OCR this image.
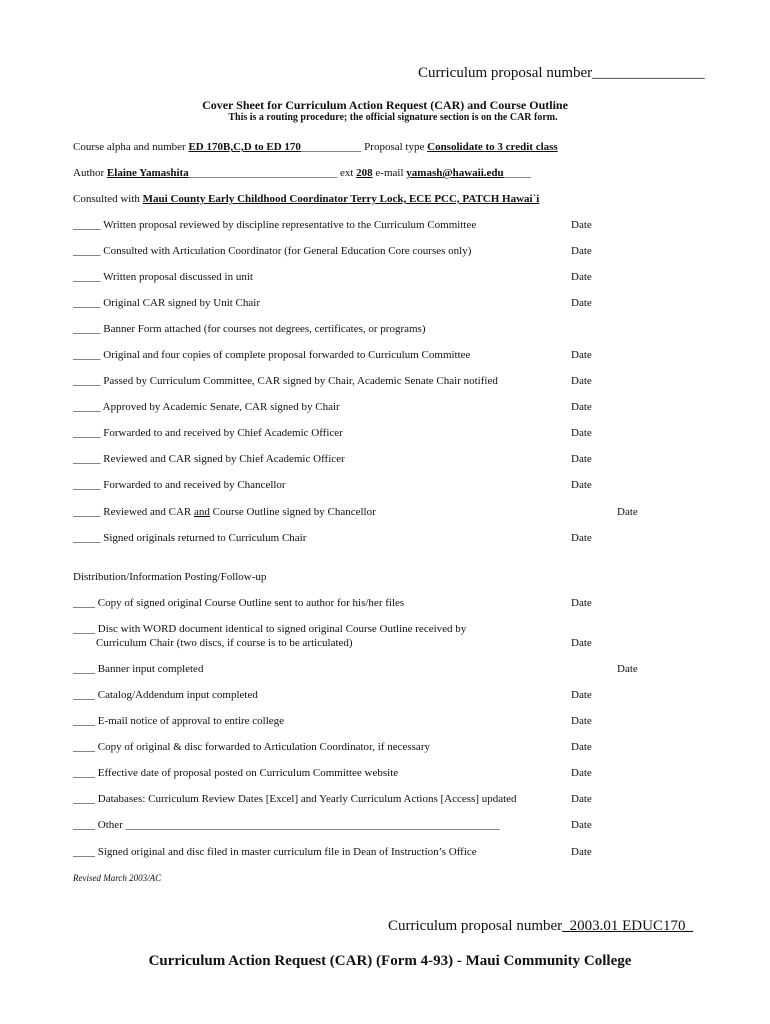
Curriculum proposal number_______________
Cover Sheet for Curriculum Action Request (CAR) and Course Outline
This is a routing procedure; the official signature section is on the CAR form.
Course alpha and number ED 170B,C,D to ED 170___________ Proposal type Consolidate to 3 credit class
Author Elaine Yamashita___________________________ ext 208 e-mail yamash@hawaii.edu_____
Consulted with Maui County Early Childhood Coordinator Terry Lock, ECE PCC, PATCH Hawai`i
_____ Written proposal reviewed by discipline representative to the Curriculum Committee	Date
_____ Consulted with Articulation Coordinator (for General Education Core courses only)	Date
_____ Written proposal discussed in unit	Date
_____ Original CAR signed by Unit Chair	Date
_____ Banner Form attached (for courses not degrees, certificates, or programs)
_____ Original and four copies of complete proposal forwarded to Curriculum Committee	Date
_____ Passed by Curriculum Committee, CAR signed by Chair, Academic Senate Chair notified	Date
_____ Approved by Academic Senate, CAR signed by Chair	Date
_____ Forwarded to and received by Chief Academic Officer	Date
_____ Reviewed and CAR signed by Chief Academic Officer	Date
_____ Forwarded to and received by Chancellor	Date
_____ Reviewed and CAR and Course Outline signed by Chancellor	Date
_____ Signed originals returned to Curriculum Chair	Date
Distribution/Information Posting/Follow-up
____ Copy of signed original Course Outline sent to author for his/her files	Date
____ Disc with WORD document identical to signed original Course Outline received by
Curriculum Chair (two discs, if course is to be articulated)	Date
____ Banner input completed	Date
____ Catalog/Addendum input completed	Date
____ E-mail notice of approval to entire college	Date
____ Copy of original & disc forwarded to Articulation Coordinator, if necessary	Date
____ Effective date of proposal posted on Curriculum Committee website	Date
____ Databases: Curriculum Review Dates [Excel] and Yearly Curriculum Actions [Access] updated	Date
____ Other ____________________________________________________________________	Date
____ Signed original and disc filed in master curriculum file in Dean of Instruction’s Office	Date
Revised March 2003/AC
Curriculum proposal number_2003.01 EDUC170_
Curriculum Action Request (CAR) (Form 4-93) - Maui Community College
